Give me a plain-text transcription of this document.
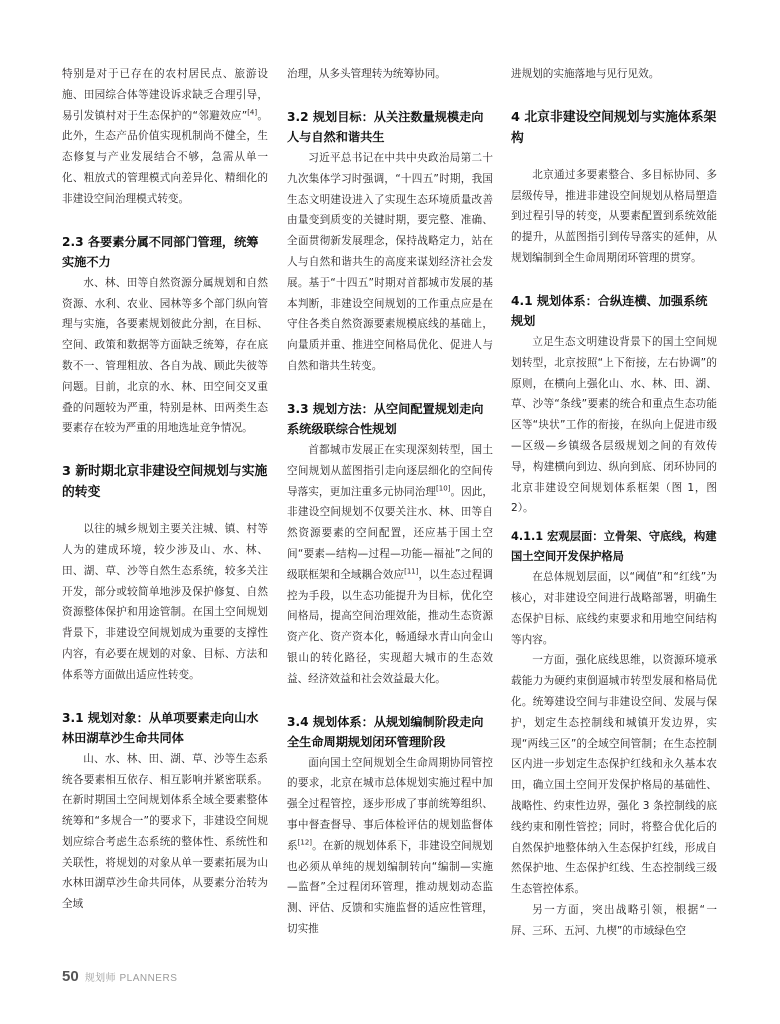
特别是对于已存在的农村居民点、旅游设施、田园综合体等建设诉求缺乏合理引导，易引发镇村对于生态保护的“邻避效应”[4]。此外，生态产品价值实现机制尚不健全，生态修复与产业发展结合不够，急需从单一化、粗放式的管理模式向差异化、精细化的非建设空间治理模式转变。

2.3 各要素分属不同部门管理，统筹实施不力

水、林、田等自然资源分属规划和自然资源、水利、农业、园林等多个部门纵向管理与实施，各要素规划彼此分割，在目标、空间、政策和数据等方面缺乏统筹，存在底数不一、管理粗放、各自为战、顾此失彼等问题。目前，北京的水、林、田空间交叉重叠的问题较为严重，特别是林、田两类生态要素存在较为严重的用地选址竞争情况。

3 新时期北京非建设空间规划与实施的转变

以往的城乡规划主要关注城、镇、村等人为的建成环境，较少涉及山、水、林、田、湖、草、沙等自然生态系统，较多关注开发，部分或较简单地涉及保护修复、自然资源整体保护和用途管制。在国土空间规划背景下，非建设空间规划成为重要的支撑性内容，有必要在规划的对象、目标、方法和体系等方面做出适应性转变。

3.1 规划对象：从单项要素走向山水林田湖草沙生命共同体

山、水、林、田、湖、草、沙等生态系统各要素相互依存、相互影响并紧密联系。在新时期国土空间规划体系全域全要素整体统筹和“多规合一”的要求下，非建设空间规划应综合考虑生态系统的整体性、系统性和关联性，将规划的对象从单一要素拓展为山水林田湖草沙生命共同体，从要素分治转为全域

治理，从多头管理转为统筹协同。

3.2 规划目标：从关注数量规模走向人与自然和谐共生

习近平总书记在中共中央政治局第二十九次集体学习时强调，“十四五”时期，我国生态文明建设进入了实现生态环境质量改善由量变到质变的关键时期，要完整、准确、全面贯彻新发展理念，保持战略定力，站在人与自然和谐共生的高度来谋划经济社会发展。基于“十四五”时期对首都城市发展的基本判断，非建设空间规划的工作重点应是在守住各类自然资源要素规模底线的基础上，向量质并重、推进空间格局优化、促进人与自然和谐共生转变。

3.3 规划方法：从空间配置规划走向系统级联综合性规划

首都城市发展正在实现深刻转型，国土空间规划从蓝图指引走向逐层细化的空间传导落实，更加注重多元协同治理[10]。因此，非建设空间规划不仅要关注水、林、田等自然资源要素的空间配置，还应基于国土空间“要素—结构—过程—功能—福祉”之间的级联框架和全域耦合效应[11]，以生态过程调控为手段，以生态功能提升为目标，优化空间格局，提高空间治理效能，推动生态资源资产化、资产资本化，畅通绿水青山向金山银山的转化路径，实现超大城市的生态效益、经济效益和社会效益最大化。

3.4 规划体系：从规划编制阶段走向全生命周期规划闭环管理阶段

面向国土空间规划全生命周期协同管控的要求，北京在城市总体规划实施过程中加强全过程管控，逐步形成了事前统筹组织、事中督查督导、事后体检评估的规划监督体系[12]。在新的规划体系下，非建设空间规划也必须从单纯的规划编制转向“编制—实施—监督”全过程闭环管理，推动规划动态监测、评估、反馈和实施监督的适应性管理，切实推

进规划的实施落地与见行见效。

4 北京非建设空间规划与实施体系架构

北京通过多要素整合、多目标协同、多层级传导，推进非建设空间规划从格局塑造到过程引导的转变，从要素配置到系统效能的提升，从蓝图指引到传导落实的延伸，从规划编制到全生命周期闭环管理的贯穿。

4.1 规划体系：合纵连横、加强系统规划

立足生态文明建设背景下的国土空间规划转型，北京按照“上下衔接，左右协调”的原则，在横向上强化山、水、林、田、湖、草、沙等“条线”要素的统合和重点生态功能区等“块状”工作的衔接，在纵向上促进市级—区级—乡镇级各层级规划之间的有效传导，构建横向到边、纵向到底、闭环协同的北京非建设空间规划体系框架（图 1，图 2）。

4.1.1 宏观层面：立骨架、守底线，构建国土空间开发保护格局

在总体规划层面，以“阈值”和“红线”为核心，对非建设空间进行战略部署，明确生态保护目标、底线约束要求和用地空间结构等内容。

一方面，强化底线思维，以资源环境承载能力为硬约束倒逼城市转型发展和格局优化。统筹建设空间与非建设空间、发展与保护，划定生态控制线和城镇开发边界，实现“两线三区”的全域空间管制；在生态控制区内进一步划定生态保护红线和永久基本农田，确立国土空间开发保护格局的基础性、战略性、约束性边界，强化 3 条控制线的底线约束和刚性管控；同时，将整合优化后的自然保护地整体纳入生态保护红线，形成自然保护地、生态保护红线、生态控制线三级生态管控体系。

另一方面，突出战略引领，根据“一屏、三环、五河、九楔”的市域绿色空

50 规划师 PLANNERS
